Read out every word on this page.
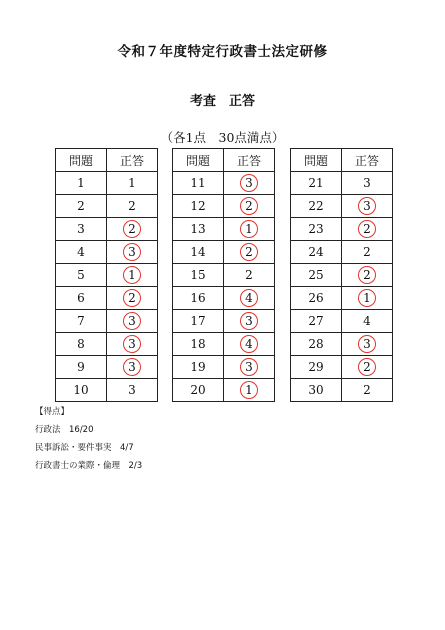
令和７年度特定行政書士法定研修
考査　正答
（各1点　30点満点）
問題	正答
1	1
2	2
3	2
4	3
5	1
6	2
7	3
8	3
9	3
10	3
問題	正答
11	3
12	2
13	1
14	2
15	2
16	4
17	3
18	4
19	3
20	1
問題	正答
21	3
22	3
23	2
24	2
25	2
26	1
27	4
28	3
29	2
30	2
【得点】
行政法　16/20
民事訴訟・要件事実　4/7
行政書士の業際・倫理　2/3
